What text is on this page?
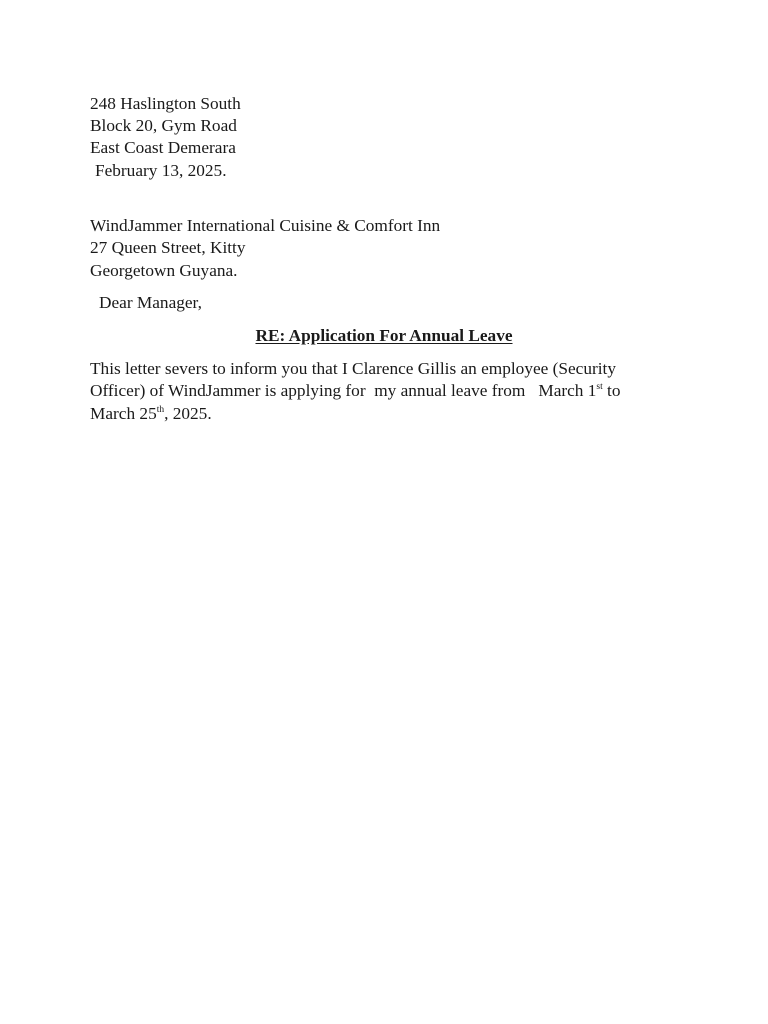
248 Haslington South
Block 20, Gym Road
East Coast Demerara
February 13, 2025.
WindJammer International Cuisine & Comfort Inn
27 Queen Street, Kitty
Georgetown Guyana.
Dear Manager,
RE: Application For Annual Leave
This letter severs to inform you that I Clarence Gillis an employee (Security
Officer) of WindJammer is applying for  my annual leave from   March 1st to
March 25th, 2025.
